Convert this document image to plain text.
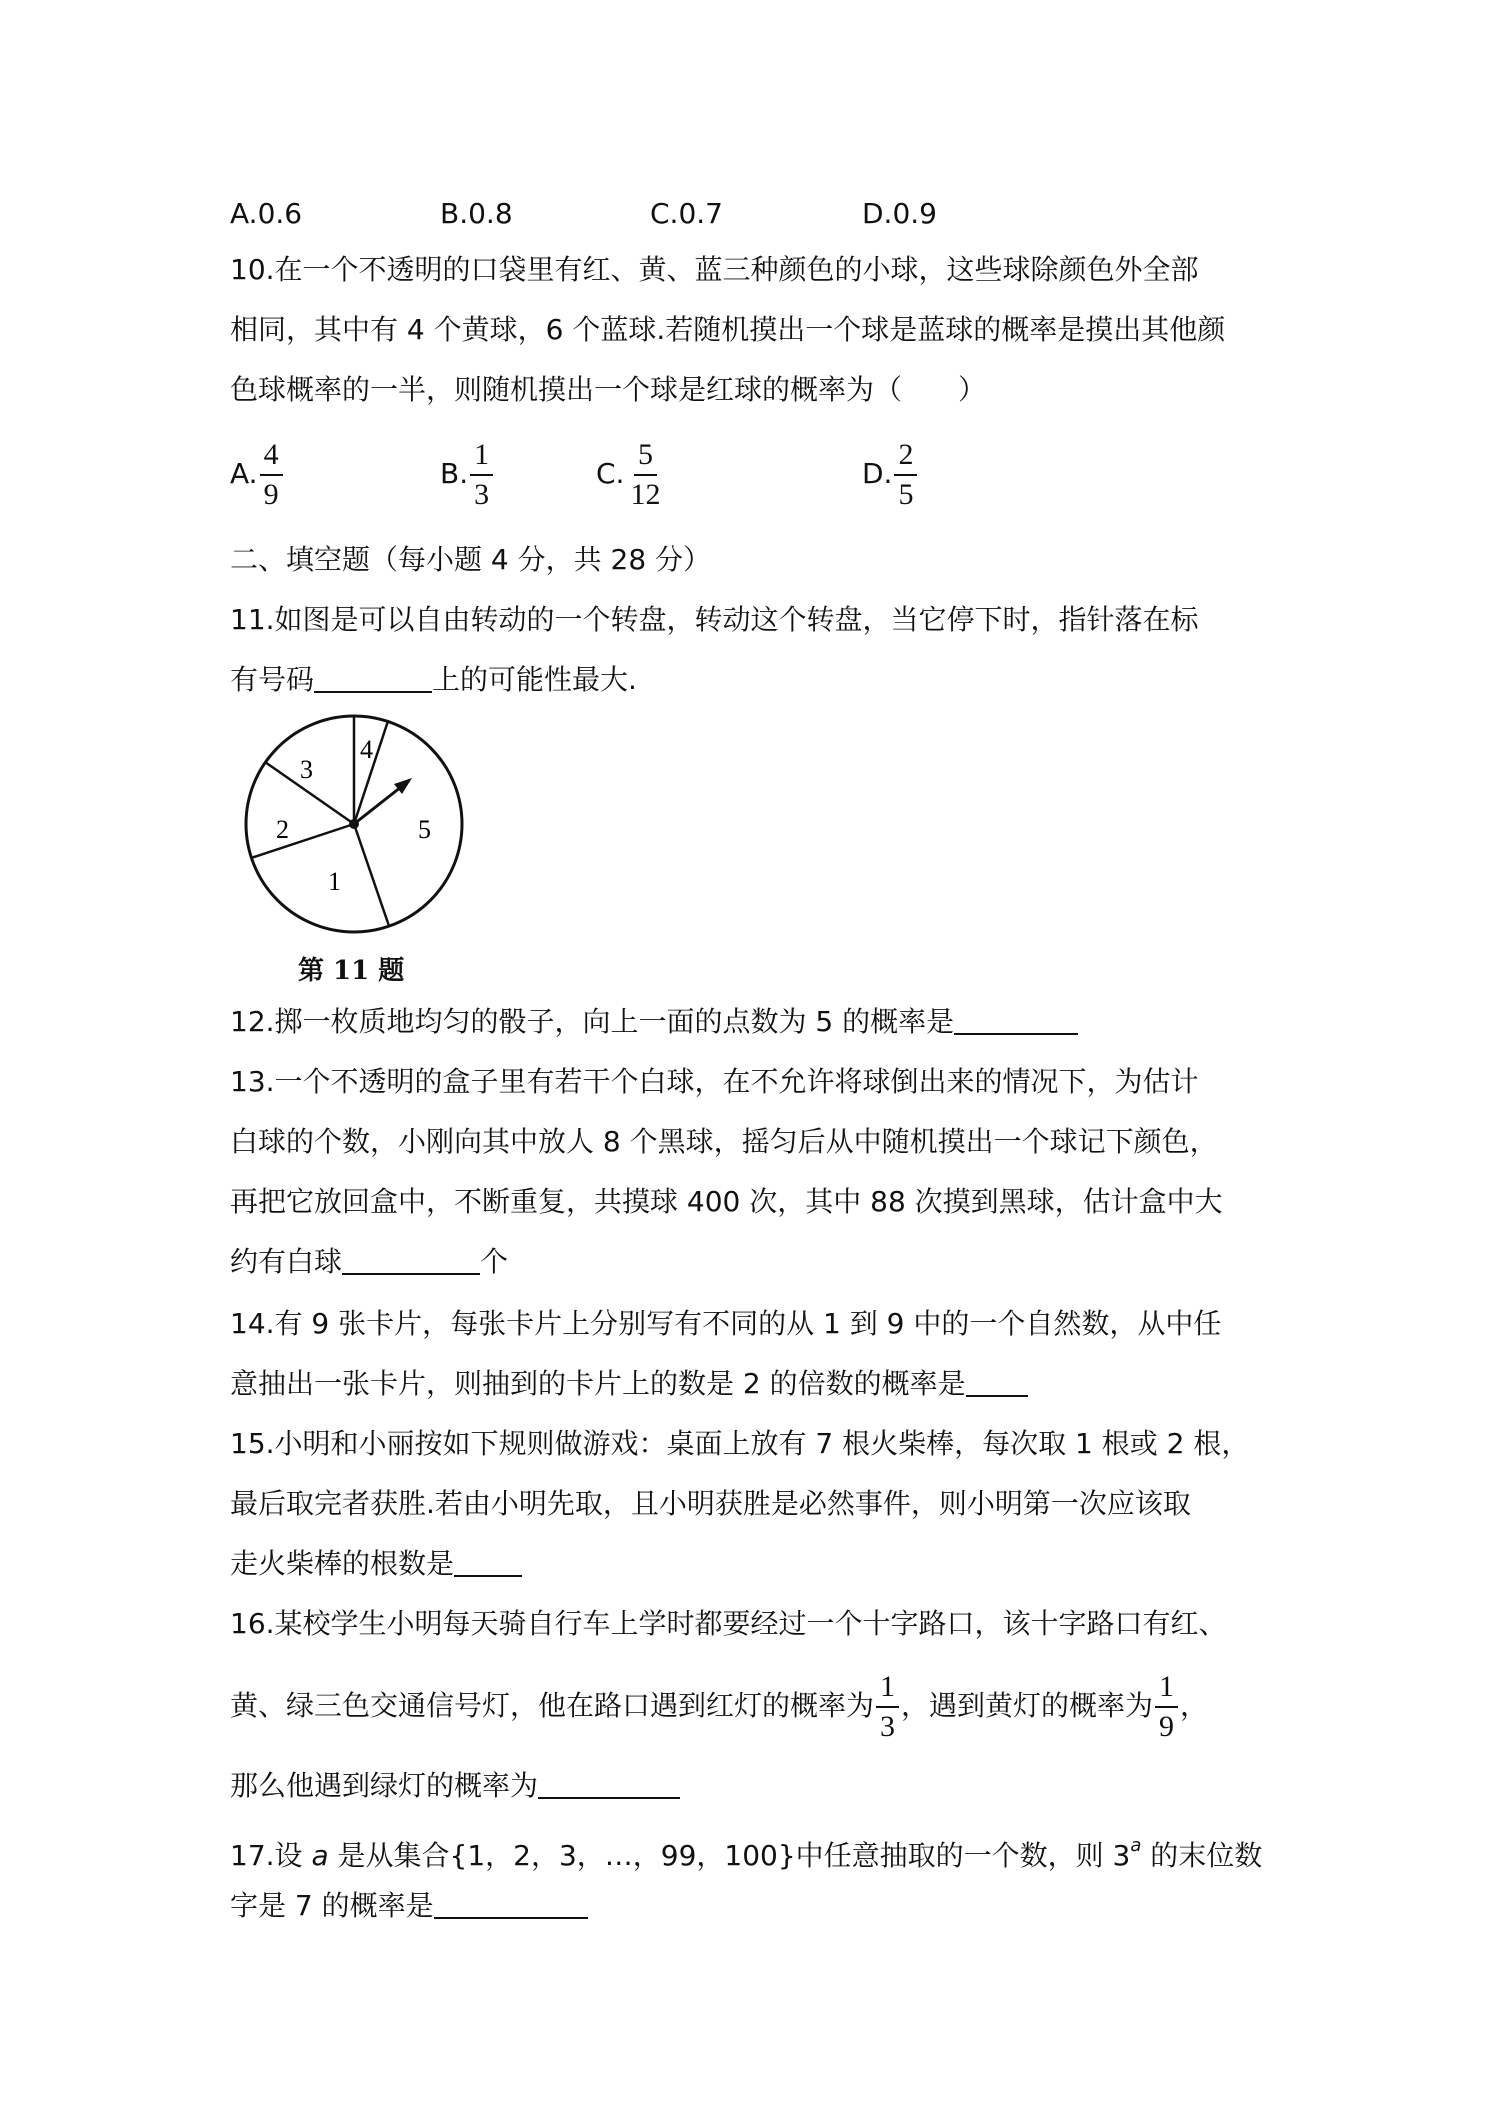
A.0.6	B.0.8	C.0.7	D.0.9
10.在一个不透明的口袋里有红、黄、蓝三种颜色的小球，这些球除颜色外全部
相同，其中有 4 个黄球，6 个蓝球.若随机摸出一个球是蓝球的概率是摸出其他颜
色球概率的一半，则随机摸出一个球是红球的概率为（　　）
A. $\frac{4}{9}$	B. $\frac{1}{3}$	C. $\frac{5}{12}$	D. $\frac{2}{5}$
二、填空题（每小题 4 分，共 28 分）
11.如图是可以自由转动的一个转盘，转动这个转盘，当它停下时，指针落在标
有号码	上的可能性最大.
1
2
3
4
5
第 11 题
12.掷一枚质地均匀的骰子，向上一面的点数为 5 的概率是
13.一个不透明的盒子里有若干个白球，在不允许将球倒出来的情况下，为估计
白球的个数，小刚向其中放人 8 个黑球，摇匀后从中随机摸出一个球记下颜色，
再把它放回盒中，不断重复，共摸球 400 次，其中 88 次摸到黑球，估计盒中大
约有白球	个
14.有 9 张卡片，每张卡片上分别写有不同的从 1 到 9 中的一个自然数，从中任
意抽出一张卡片，则抽到的卡片上的数是 2 的倍数的概率是
15.小明和小丽按如下规则做游戏：桌面上放有 7 根火柴棒，每次取 1 根或 2 根，
最后取完者获胜.若由小明先取，且小明获胜是必然事件，则小明第一次应该取
走火柴棒的根数是
16.某校学生小明每天骑自行车上学时都要经过一个十字路口，该十字路口有红、
黄、绿三色交通信号灯，他在路口遇到红灯的概率为 $\frac{1}{3}$ ，遇到黄灯的概率为 $\frac{1}{9}$ ，
那么他遇到绿灯的概率为
17.设 a 是从集合{1，2，3，…，99，100}中任意抽取的一个数，则 3$^a$ 的末位数
字是 7 的概率是
